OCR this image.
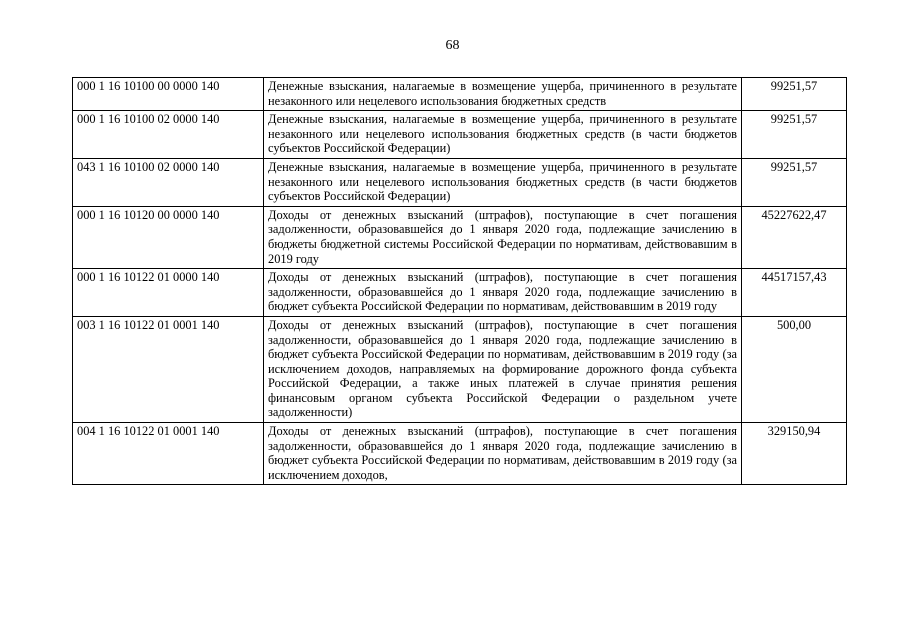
68
000 1 16 10100 00 0000 140	Денежные взыскания, налагаемые в возмещение ущерба, причиненного в результате незаконного или нецелевого использования бюджетных средств	99251,57
000 1 16 10100 02 0000 140	Денежные взыскания, налагаемые в возмещение ущерба, причиненного в результате незаконного или нецелевого использования бюджетных средств (в части бюджетов субъектов Российской Федерации)	99251,57
043 1 16 10100 02 0000 140	Денежные взыскания, налагаемые в возмещение ущерба, причиненного в результате незаконного или нецелевого использования бюджетных средств (в части бюджетов субъектов Российской Федерации)	99251,57
000 1 16 10120 00 0000 140	Доходы от денежных взысканий (штрафов), поступающие в счет погашения задолженности, образовавшейся до 1 января 2020 года, подлежащие зачислению в бюджеты бюджетной системы Российской Федерации по нормативам, действовавшим в 2019 году	45227622,47
000 1 16 10122 01 0000 140	Доходы от денежных взысканий (штрафов), поступающие в счет погашения задолженности, образовавшейся до 1 января 2020 года, подлежащие зачислению в бюджет субъекта Российской Федерации по нормативам, действовавшим в 2019 году	44517157,43
003 1 16 10122 01 0001 140	Доходы от денежных взысканий (штрафов), поступающие в счет погашения задолженности, образовавшейся до 1 января 2020 года, подлежащие зачислению в бюджет субъекта Российской Федерации по нормативам, действовавшим в 2019 году (за исключением доходов, направляемых на формирование дорожного фонда субъекта Российской Федерации, а также иных платежей в случае принятия решения финансовым органом субъекта Российской Федерации о раздельном учете задолженности)	500,00
004 1 16 10122 01 0001 140	Доходы от денежных взысканий (штрафов), поступающие в счет погашения задолженности, образовавшейся до 1 января 2020 года, подлежащие зачислению в бюджет субъекта Российской Федерации по нормативам, действовавшим в 2019 году (за исключением доходов,	329150,94
